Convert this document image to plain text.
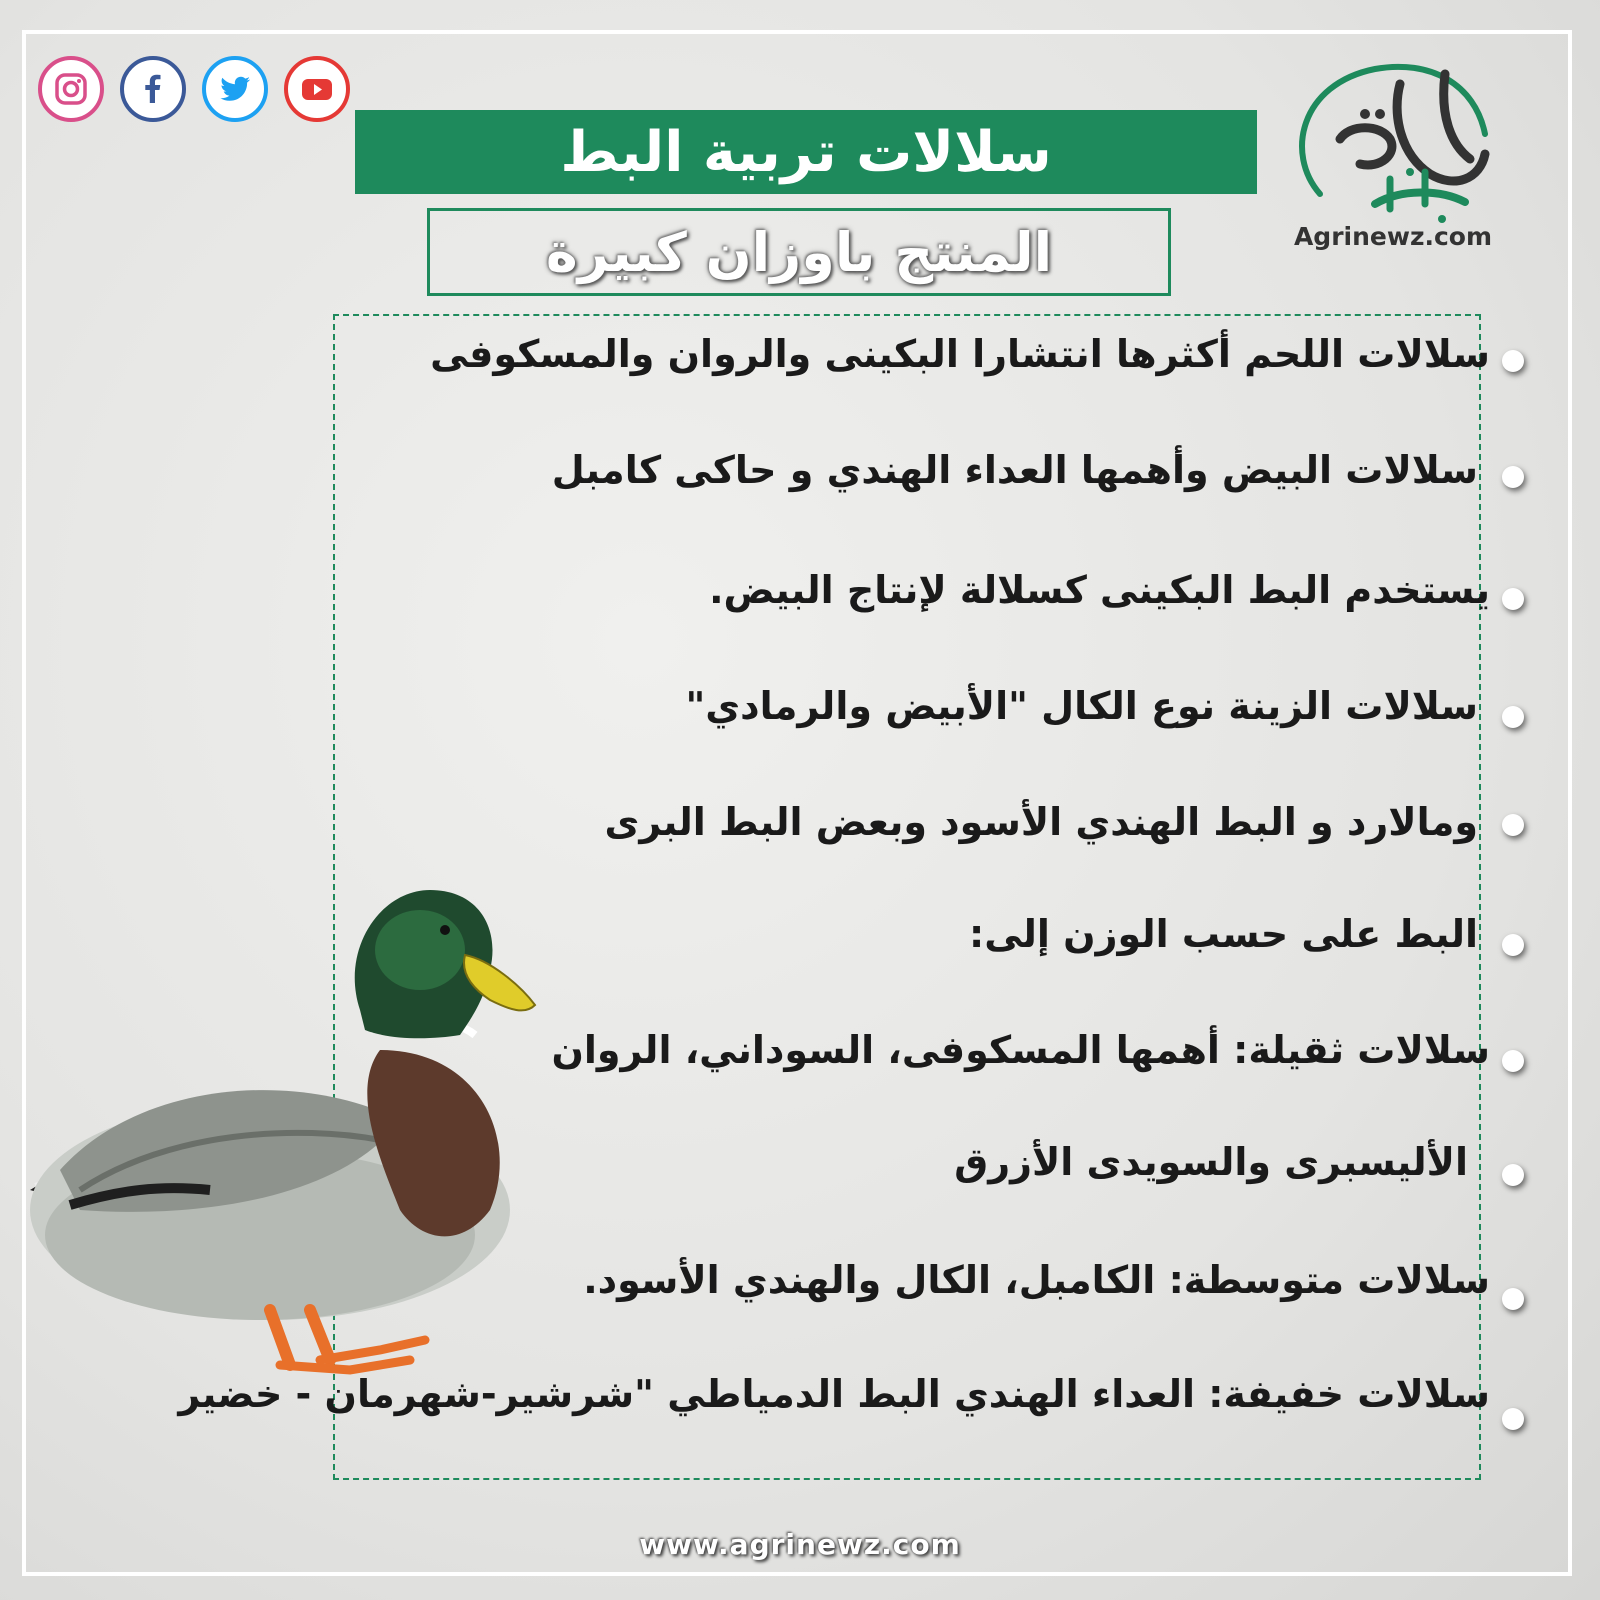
سلالات تربية البط
المنتج باوزان كبيرة	Agrinewz.com
سلالات اللحم أكثرها انتشارا البكينى والروان والمسكوفى
سلالات البيض وأهمها العداء الهندي و حاكى كامبل
يستخدم البط البكينى كسلالة لإنتاج البيض.
سلالات الزينة نوع الكال "الأبيض والرمادي"
ومالارد و البط الهندي الأسود وبعض البط البرى
البط على حسب الوزن إلى:
سلالات ثقيلة: أهمها المسكوفى، السوداني، الروان
الأليسبرى والسويدى الأزرق
سلالات متوسطة: الكامبل، الكال والهندي الأسود.
سلالات خفيفة: العداء الهندي البط الدمياطي "شرشير-شهرمان - خضير
www.agrinewz.com
